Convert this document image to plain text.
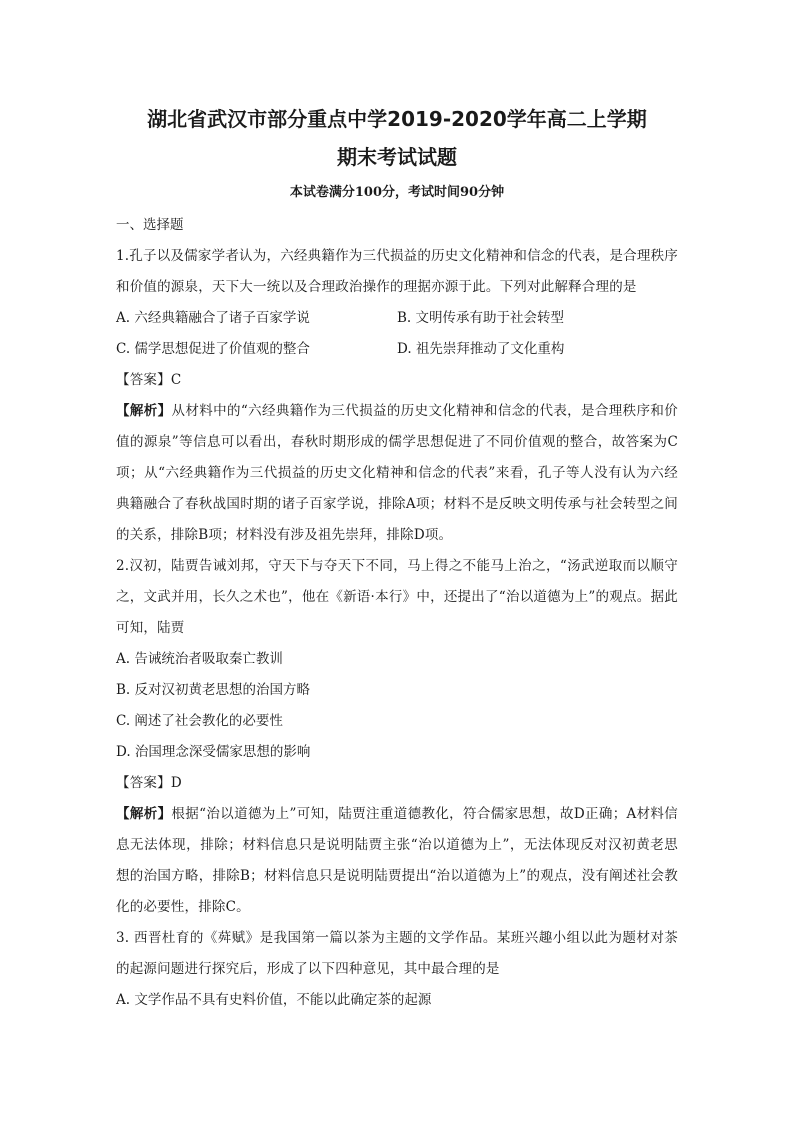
湖北省武汉市部分重点中学2019-2020学年高二上学期
期末考试试题

本试卷满分100分，考试时间90分钟

一、选择题

1.孔子以及儒家学者认为，六经典籍作为三代损益的历史文化精神和信念的代表，是合理秩序和价值的源泉，天下大一统以及合理政治操作的理据亦源于此。下列对此解释合理的是

A. 六经典籍融合了诸子百家学说	B. 文明传承有助于社会转型
C. 儒学思想促进了价值观的整合	D. 祖先崇拜推动了文化重构

【答案】C

【解析】从材料中的“六经典籍作为三代损益的历史文化精神和信念的代表，是合理秩序和价值的源泉”等信息可以看出，春秋时期形成的儒学思想促进了不同价值观的整合，故答案为C项；从“六经典籍作为三代损益的历史文化精神和信念的代表”来看，孔子等人没有认为六经典籍融合了春秋战国时期的诸子百家学说，排除A项；材料不是反映文明传承与社会转型之间的关系，排除B项；材料没有涉及祖先崇拜，排除D项。

2.汉初，陆贾告诫刘邦，守天下与夺天下不同，马上得之不能马上治之，“汤武逆取而以顺守之，文武并用，长久之术也”，他在《新语·本行》中，还提出了“治以道德为上”的观点。据此可知，陆贾

A. 告诫统治者吸取秦亡教训
B. 反对汉初黄老思想的治国方略
C. 阐述了社会教化的必要性
D. 治国理念深受儒家思想的影响

【答案】D

【解析】根据“治以道德为上”可知，陆贾注重道德教化，符合儒家思想，故D正确；A材料信息无法体现，排除；材料信息只是说明陆贾主张“治以道德为上”，无法体现反对汉初黄老思想的治国方略，排除B；材料信息只是说明陆贾提出“治以道德为上”的观点，没有阐述社会教化的必要性，排除C。

3. 西晋杜育的《荈赋》是我国第一篇以茶为主题的文学作品。某班兴趣小组以此为题材对茶的起源问题进行探究后，形成了以下四种意见，其中最合理的是

A. 文学作品不具有史料价值，不能以此确定茶的起源
